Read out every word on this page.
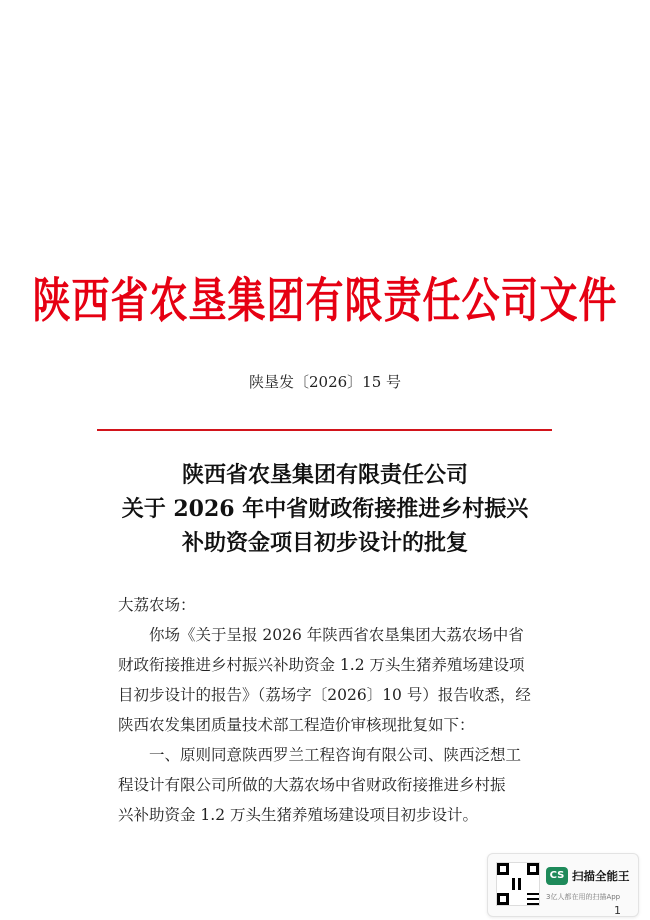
陕西省农垦集团有限责任公司文件
陕垦发〔2026〕15 号
陕西省农垦集团有限责任公司
关于 2026 年中省财政衔接推进乡村振兴
补助资金项目初步设计的批复

大荔农场：

你场《关于呈报 2026 年陕西省农垦集团大荔农场中省
财政衔接推进乡村振兴补助资金 1.2 万头生猪养殖场建设项
目初步设计的报告》（荔场字〔2026〕10 号）报告收悉，经
陕西农发集团质量技术部工程造价审核现批复如下：
一、原则同意陕西罗兰工程咨询有限公司、陕西泛想工
程设计有限公司所做的大荔农场中省财政衔接推进乡村振
兴补助资金 1.2 万头生猪养殖场建设项目初步设计。
CS 扫描全能王
3亿人都在用的扫描App
1
